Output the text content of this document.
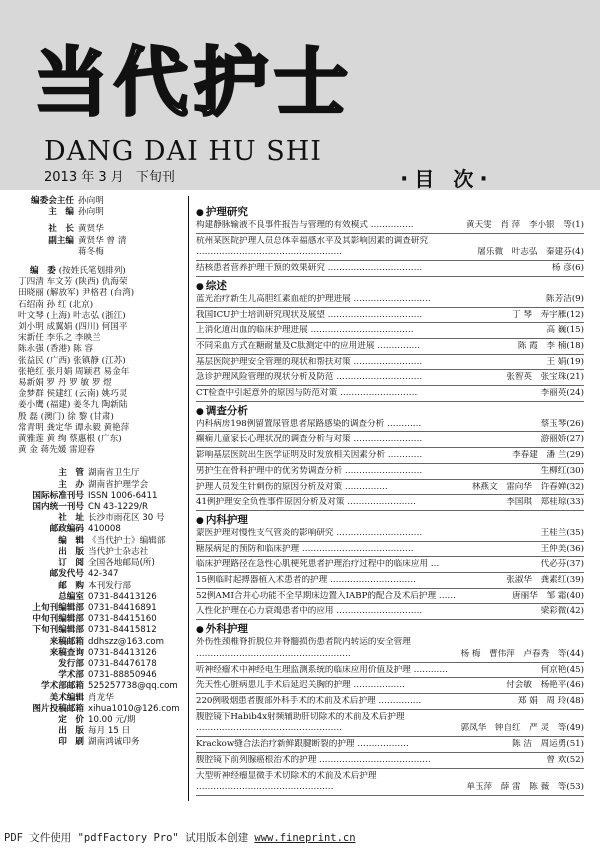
当代护士
DANG DAI HU SHI
2013 年 3 月 下旬刊	·目 次·
编委会主任 孙向明
主　编 孙向明
社　长 黄贤华
副主编 黄贤华 曾 清
蒋冬梅
编　委 (按姓氏笔划排列)
丁四清 车文芳 (陕西) 仇海荣
田晓丽 (解放军) 尹格君 (台湾)
石绍南 孙 红 (北京)
叶文琴 (上海) 叶志弘 (浙江)
刘小明 成翼娟 (四川) 何国平
宋新任 李乐之 李映兰
陈永强 (香港) 陈 容
张益民 (广西) 张镇静 (江苏)
张艳红 张月娟 周颖君 易金年
易新娟 罗 丹 罗 敏 罗 煜
金梦群 侯建红 (云南) 姚巧灵
姜小鹰 (福建) 姜冬九 陶新陆
殷 磊 (澳门) 徐 黎 (甘肃)
常青明 龚定华 谭永毅 黄艳萍
黄雅莲 黄 绚 蔡惠根 (广东)
黄 金 蒋先媛 雷迎春
主　管 湖南省卫生厅
主　办 湖南省护理学会
国际标准刊号 ISSN 1006-6411
国内统一刊号 CN 43-1229/R
社　址 长沙市雨花区 30 号
邮政编码 410008
编　辑 《当代护士》编辑部
出　版 当代护士杂志社
订　阅 全国各地邮局(所)
邮发代号 42-347
邮　购 本刊发行部
总编室 0731-84413126
上旬刊编辑部 0731-84416891
中旬刊编辑部 0731-84415160
下旬刊编辑部 0731-84415812
来稿邮箱 ddhszz@163.com
来稿查询 0731-84413126
发行部 0731-84476178
学术部 0731-88850946
学术部邮箱 525257738@qq.com
美术编辑 肖龙华
图片投稿邮箱 xihua1010@126.com
定　价 10.00 元/期
出　版 每月 15 日
印　刷 湖南鸿诚印务
● 护理研究
黄天雯　肖 萍　李小银　等(1)
构建静脉输液不良事件报告与管理的有效模式 ……………
杭州某医院护理人员总体幸福感水平及其影响因素的调查研究
屠乐微　叶志弘　秦建芬(4)
……………………………………………
杨 彦(6)
结核患者营养护理干预的效果研究 ……………………………
● 综述
陈芳洁(9)
蓝光治疗新生儿高胆红素血症的护理进展 ………………………
丁 琴　寿宇雁(12)
我国ICU护士培训研究现状及展望 ……………………………
高 巍(15)
上消化道出血的临床护理进展 ………………………………
陈 霞　李 楠(18)
不同采血方式在糖耐量及C肽测定中的应用进展 ……………
王 娟(19)
基层医院护理安全管理的现状和帮扶对策 ……………………
张智英　张宝珠(21)
急诊护理风险管理的现状分析及防范 …………………………
李丽英(24)
CT检查中引起意外的原因与防范对策 ………………………
● 调查分析
蔡玉琴(26)
内科病房198例留置尿管患者尿路感染的调查分析 …………
游丽娇(27)
癫痫儿童家长心理状况的调查分析与对策 ……………………
李春建　潘 兰(29)
影响基层医院出生医学证明及时发放相关因素分析 …………
生柳红(30)
男护生在骨科护理中的优劣势调查分析 ………………………
林燕文　雷向华　许春婵(32)
护理人员发生针刺伤的原因分析及对策 ……………
李国琪　郑桂琼(33)
41例护理安全负性事件原因分析及对策 ……………………
● 内科护理
王桂兰(35)
蒙医护理对慢性支气管炎的影响研究 …………………………
王仲美(36)
糖尿病足的预防和临床护理 …………………………………
代必芬(37)
临床护理路径在急性心肌梗死患者护理治疗过程中的临床应用 …
张淑华　龚素红(39)
15例临时起搏器植入术患者的护理 …………………………
唐丽华　邹 霜(40)
52例AMI合并心功能不全早期床边置入IABP的配合及术后护理 ……
梁彩微(42)
人性化护理在心力衰竭患者中的应用 …………………………
● 外科护理
外伤性颈椎脊折脱位并脊髓损伤患者院内转运的安全管理
杨 梅　曹伟萍　卢春秀　等(44)
………………………………………………
何京艳(45)
听神经瘤术中神经电生理监测系统的临床应用价值及护理 …………
付会敏　杨艳平(46)
先天性心脏病患儿手术后延迟关胸的护理 ………………
郑 娟　周 玲(48)
220例吸烟患者腹部外科手术的术前及术后护理 ……………
腹腔镜下Habib4x射频辅助肝切除术的术前及术后护理
郭凤华　钟自红　严 灵　等(49)
……………………………………………
陈 洁　周运勇(51)
Krackow缝合法治疗新鲜跟腱断裂的护理 ………………
曾 欢(52)
腹腔镜下前列腺癌根治术的护理 …………………………………
大型听神经瘤显微手术切除术的术前及术后护理
单玉萍　薛 雷　陈 薇　等(53)
…………………………………………
PDF 文件使用 "pdfFactory Pro" 试用版本创建 www.fineprint.cn
